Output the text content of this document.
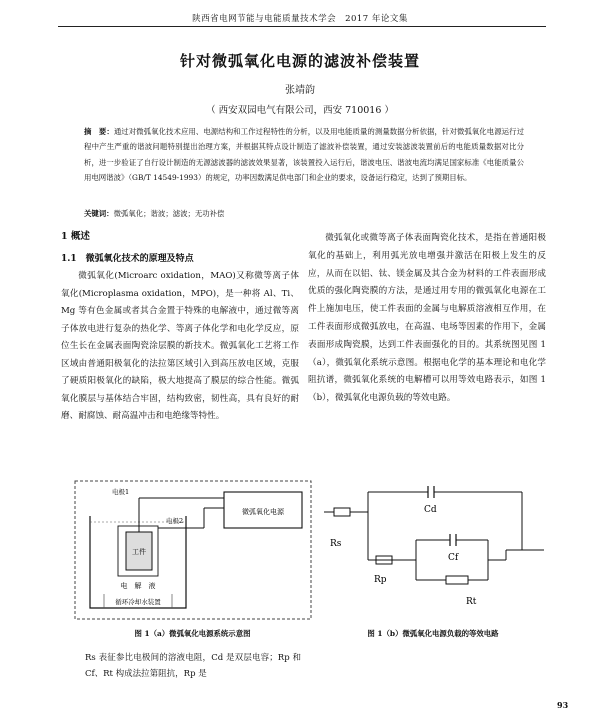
陕西省电网节能与电能质量技术学会　2017 年论文集
针对微弧氧化电源的滤波补偿装置
张靖韵
（ 西安双园电气有限公司，西安 710016 ）
摘　要：通过对微弧氧化技术应用、电源结构和工作过程特性的分析，以及用电能质量的测量数据分析依据，针对微弧氧化电源运行过程中产生严重的谐波问题特别提出治理方案，并根据其特点设计制造了滤波补偿装置，通过安装滤波装置前后的电能质量数据对比分析，进一步验证了自行设计制造的无源滤波器的滤波效果显著，该装置投入运行后，谐波电压、谐波电流均满足国家标准《电能质量公用电网谐波》（GB/T 14549-1993）的规定，功率因数满足供电部门和企业的要求，设备运行稳定，达到了预期目标。
关键词：微弧氧化；谐波；滤波；无功补偿
1 概述
1.1　微弧氧化技术的原理及特点
微弧氧化(Microarc oxidation，MAO)又称微等离子体氧化(Microplasma oxidation，MPO)，是一种将 Al、Ti、Mg 等有色金属或者其合金置于特殊的电解液中，通过微等离子体放电进行复杂的热化学、等离子体化学和电化学反应，原位生长在金属表面陶瓷涂层膜的新技术。微弧氧化工艺将工作区域由普通阳极氧化的法拉第区域引入到高压放电区域，克服了硬质阳极氧化的缺陷，极大地提高了膜层的综合性能。微弧氧化膜层与基体结合牢固，结构致密，韧性高，具有良好的耐磨、耐腐蚀、耐高温冲击和电绝缘等特性。
微弧氧化或微等离子体表面陶瓷化技术，是指在普通阳极氧化的基础上，利用弧光放电增强并激活在阳极上发生的反应，从而在以铝、钛、镁金属及其合金为材料的工件表面形成优质的强化陶瓷膜的方法，是通过用专用的微弧氧化电源在工件上施加电压，使工件表面的金属与电解质溶液相互作用，在工件表面形成微弧放电，在高温、电场等因素的作用下，金属表面形成陶瓷膜，达到工件表面强化的目的。其系统图见图 1（a），微弧氧化系统示意图。根据电化学的基本理论和电化学阻抗谱，微弧氧化系统的电解槽可以用等效电路表示，如图 1（b），微弧氧化电源负载的等效电路。
工件
电极1
电极2
微弧氧化电源
电　解　液
循环冷却水装置
Rs
Cd
Rp
Cf
Rt
图 1（a）微弧氧化电源系统示意图	图 1（b）微弧氧化电源负载的等效电路
Rs 表征参比电极间的溶液电阻，Cd 是双层电容；Rp 和 Cf、Rt 构成法拉第阻抗，Rp 是
93
